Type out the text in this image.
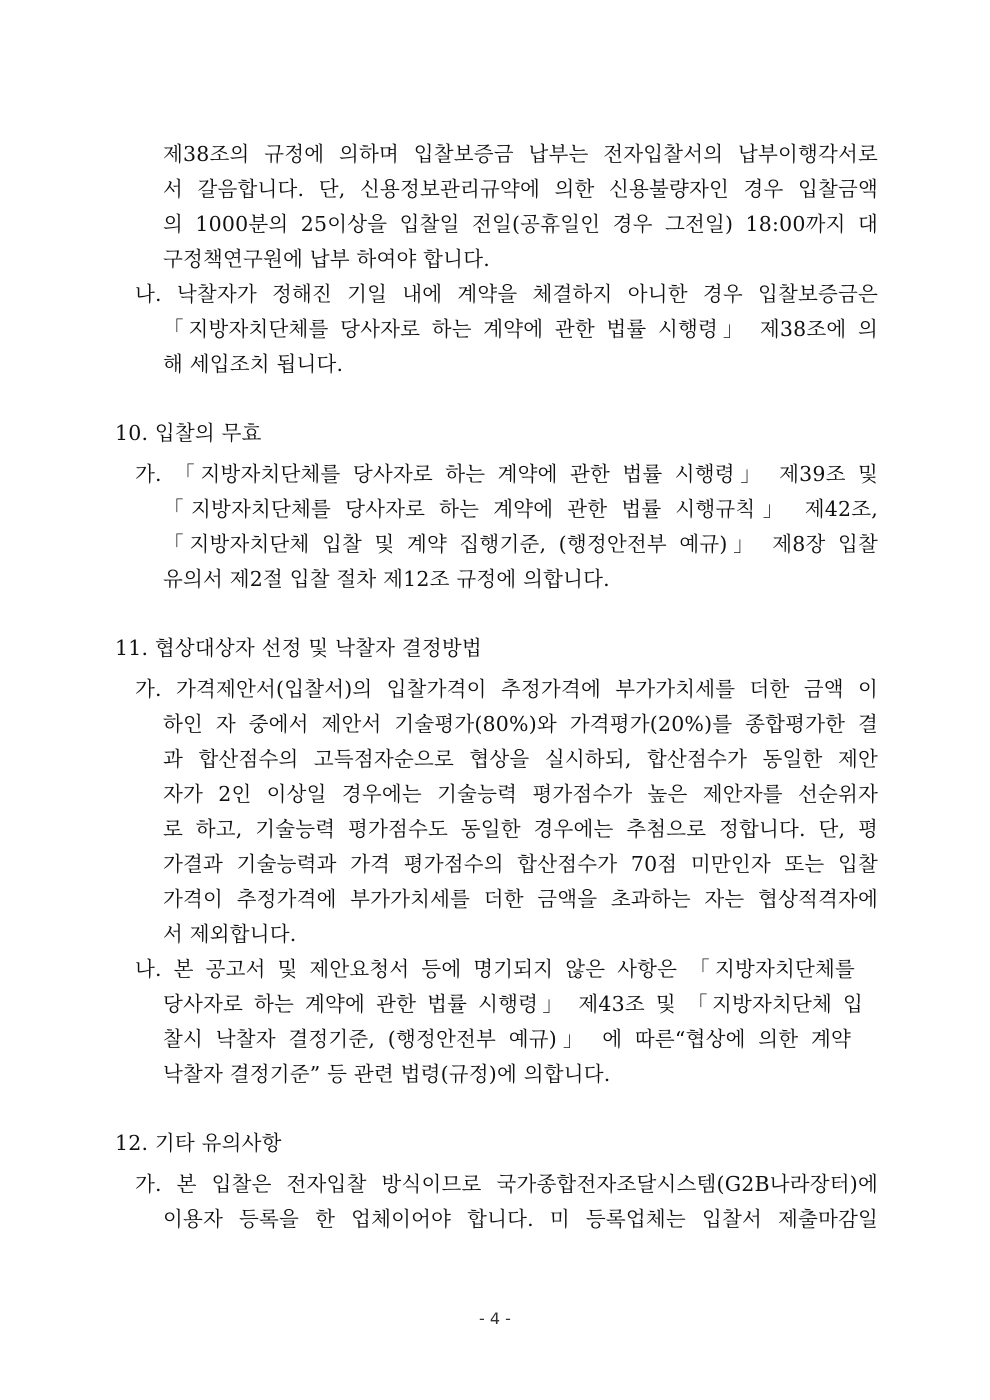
제38조의 규정에 의하며 입찰보증금 납부는 전자입찰서의 납부이행각서로
서 갈음합니다. 단, 신용정보관리규약에 의한 신용불량자인 경우 입찰금액
의 1000분의 25이상을 입찰일 전일(공휴일인 경우 그전일) 18:00까지 대
구정책연구원에 납부 하여야 합니다.
나. 낙찰자가 정해진 기일 내에 계약을 체결하지 아니한 경우 입찰보증금은
「지방자치단체를 당사자로 하는 계약에 관한 법률 시행령」 제38조에 의
해 세입조치 됩니다.
10. 입찰의 무효
가. 「지방자치단체를 당사자로 하는 계약에 관한 법률 시행령」 제39조 및
「지방자치단체를 당사자로 하는 계약에 관한 법률 시행규칙」 제42조,
「지방자치단체 입찰 및 계약 집행기준, (행정안전부 예규)」 제8장 입찰
유의서 제2절 입찰 절차 제12조 규정에 의합니다.
11. 협상대상자 선정 및 낙찰자 결정방법
가. 가격제안서(입찰서)의 입찰가격이 추정가격에 부가가치세를 더한 금액 이
하인 자 중에서 제안서 기술평가(80%)와 가격평가(20%)를 종합평가한 결
과 합산점수의 고득점자순으로 협상을 실시하되, 합산점수가 동일한 제안
자가 2인 이상일 경우에는 기술능력 평가점수가 높은 제안자를 선순위자
로 하고, 기술능력 평가점수도 동일한 경우에는 추첨으로 정합니다. 단, 평
가결과 기술능력과 가격 평가점수의 합산점수가 70점 미만인자 또는 입찰
가격이 추정가격에 부가가치세를 더한 금액을 초과하는 자는 협상적격자에
서 제외합니다.
나. 본 공고서 및 제안요청서 등에 명기되지 않은 사항은 「지방자치단체를
당사자로 하는 계약에 관한 법률 시행령」 제43조 및 「지방자치단체 입
찰시 낙찰자 결정기준, (행정안전부 예규)」 에 따른“협상에 의한 계약
낙찰자 결정기준” 등 관련 법령(규정)에 의합니다.
12. 기타 유의사항
가. 본 입찰은 전자입찰 방식이므로 국가종합전자조달시스템(G2B나라장터)에
이용자 등록을 한 업체이어야 합니다. 미 등록업체는 입찰서 제출마감일
- 4 -
